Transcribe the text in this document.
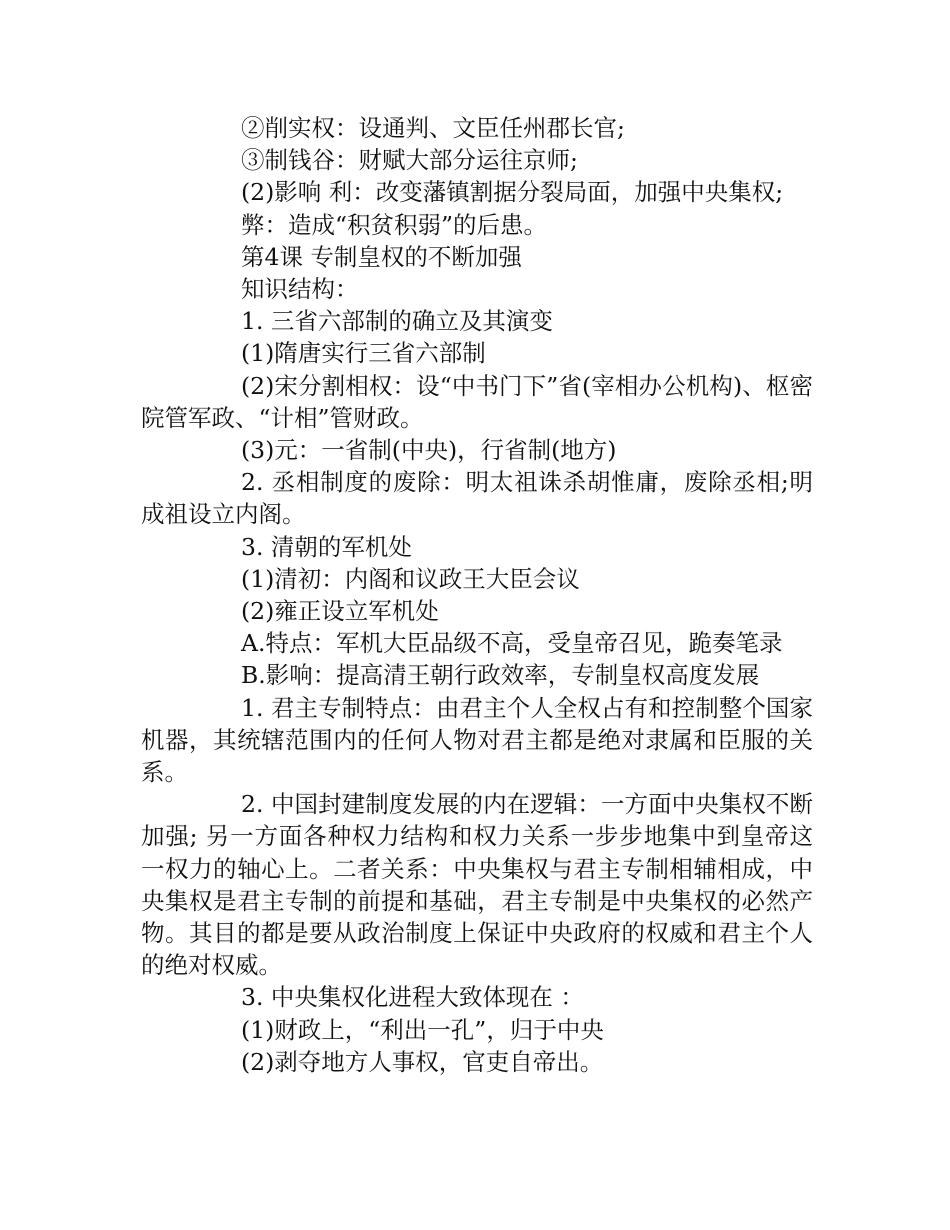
②削实权：设通判、文臣任州郡长官;

③制钱谷：财赋大部分运往京师;

(2)影响 利：改变藩镇割据分裂局面，加强中央集权;

弊：造成“积贫积弱”的后患。

第4课 专制皇权的不断加强

知识结构：

1. 三省六部制的确立及其演变

(1)隋唐实行三省六部制

(2)宋分割相权：设“中书门下”省(宰相办公机构)、枢密院管军政、“计相”管财政。

(3)元：一省制(中央)，行省制(地方)

2. 丞相制度的废除：明太祖诛杀胡惟庸，废除丞相;明成祖设立内阁。

3. 清朝的军机处

(1)清初：内阁和议政王大臣会议

(2)雍正设立军机处

A.特点：军机大臣品级不高，受皇帝召见，跪奏笔录

B.影响：提高清王朝行政效率，专制皇权高度发展

1. 君主专制特点：由君主个人全权占有和控制整个国家机器，其统辖范围内的任何人物对君主都是绝对隶属和臣服的关系。

2. 中国封建制度发展的内在逻辑：一方面中央集权不断加强; 另一方面各种权力结构和权力关系一步步地集中到皇帝这一权力的轴心上。二者关系：中央集权与君主专制相辅相成，中央集权是君主专制的前提和基础，君主专制是中央集权的必然产物。其目的都是要从政治制度上保证中央政府的权威和君主个人的绝对权威。

3. 中央集权化进程大致体现在 ：

(1)财政上，“利出一孔”，归于中央

(2)剥夺地方人事权，官吏自帝出。
